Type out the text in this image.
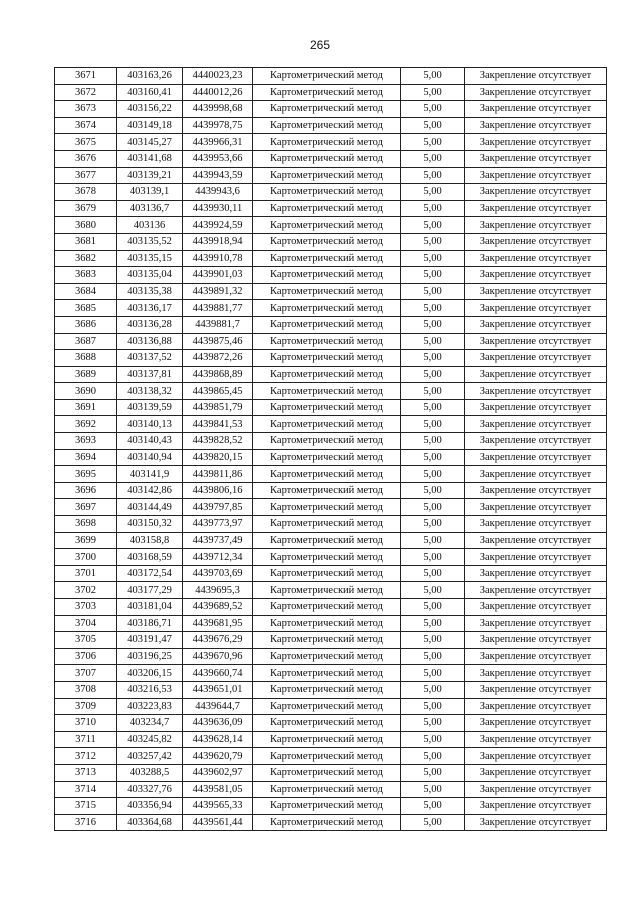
265
3671	403163,26	4440023,23	Картометрический метод	5,00	Закрепление отсутствует
3672	403160,41	4440012,26	Картометрический метод	5,00	Закрепление отсутствует
3673	403156,22	4439998,68	Картометрический метод	5,00	Закрепление отсутствует
3674	403149,18	4439978,75	Картометрический метод	5,00	Закрепление отсутствует
3675	403145,27	4439966,31	Картометрический метод	5,00	Закрепление отсутствует
3676	403141,68	4439953,66	Картометрический метод	5,00	Закрепление отсутствует
3677	403139,21	4439943,59	Картометрический метод	5,00	Закрепление отсутствует
3678	403139,1	4439943,6	Картометрический метод	5,00	Закрепление отсутствует
3679	403136,7	4439930,11	Картометрический метод	5,00	Закрепление отсутствует
3680	403136	4439924,59	Картометрический метод	5,00	Закрепление отсутствует
3681	403135,52	4439918,94	Картометрический метод	5,00	Закрепление отсутствует
3682	403135,15	4439910,78	Картометрический метод	5,00	Закрепление отсутствует
3683	403135,04	4439901,03	Картометрический метод	5,00	Закрепление отсутствует
3684	403135,38	4439891,32	Картометрический метод	5,00	Закрепление отсутствует
3685	403136,17	4439881,77	Картометрический метод	5,00	Закрепление отсутствует
3686	403136,28	4439881,7	Картометрический метод	5,00	Закрепление отсутствует
3687	403136,88	4439875,46	Картометрический метод	5,00	Закрепление отсутствует
3688	403137,52	4439872,26	Картометрический метод	5,00	Закрепление отсутствует
3689	403137,81	4439868,89	Картометрический метод	5,00	Закрепление отсутствует
3690	403138,32	4439865,45	Картометрический метод	5,00	Закрепление отсутствует
3691	403139,59	4439851,79	Картометрический метод	5,00	Закрепление отсутствует
3692	403140,13	4439841,53	Картометрический метод	5,00	Закрепление отсутствует
3693	403140,43	4439828,52	Картометрический метод	5,00	Закрепление отсутствует
3694	403140,94	4439820,15	Картометрический метод	5,00	Закрепление отсутствует
3695	403141,9	4439811,86	Картометрический метод	5,00	Закрепление отсутствует
3696	403142,86	4439806,16	Картометрический метод	5,00	Закрепление отсутствует
3697	403144,49	4439797,85	Картометрический метод	5,00	Закрепление отсутствует
3698	403150,32	4439773,97	Картометрический метод	5,00	Закрепление отсутствует
3699	403158,8	4439737,49	Картометрический метод	5,00	Закрепление отсутствует
3700	403168,59	4439712,34	Картометрический метод	5,00	Закрепление отсутствует
3701	403172,54	4439703,69	Картометрический метод	5,00	Закрепление отсутствует
3702	403177,29	4439695,3	Картометрический метод	5,00	Закрепление отсутствует
3703	403181,04	4439689,52	Картометрический метод	5,00	Закрепление отсутствует
3704	403186,71	4439681,95	Картометрический метод	5,00	Закрепление отсутствует
3705	403191,47	4439676,29	Картометрический метод	5,00	Закрепление отсутствует
3706	403196,25	4439670,96	Картометрический метод	5,00	Закрепление отсутствует
3707	403206,15	4439660,74	Картометрический метод	5,00	Закрепление отсутствует
3708	403216,53	4439651,01	Картометрический метод	5,00	Закрепление отсутствует
3709	403223,83	4439644,7	Картометрический метод	5,00	Закрепление отсутствует
3710	403234,7	4439636,09	Картометрический метод	5,00	Закрепление отсутствует
3711	403245,82	4439628,14	Картометрический метод	5,00	Закрепление отсутствует
3712	403257,42	4439620,79	Картометрический метод	5,00	Закрепление отсутствует
3713	403288,5	4439602,97	Картометрический метод	5,00	Закрепление отсутствует
3714	403327,76	4439581,05	Картометрический метод	5,00	Закрепление отсутствует
3715	403356,94	4439565,33	Картометрический метод	5,00	Закрепление отсутствует
3716	403364,68	4439561,44	Картометрический метод	5,00	Закрепление отсутствует
